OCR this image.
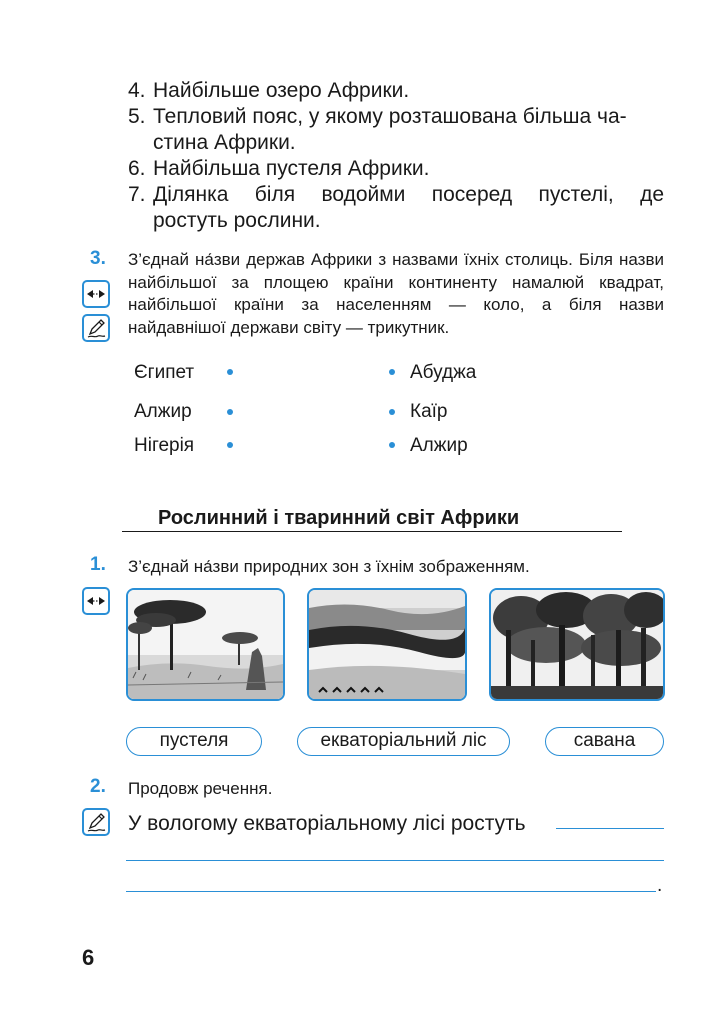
4. Найбільше озеро Африки.
5. Тепловий пояс, у якому розташована більша ча-
стина Африки.
6. Найбільша пустеля Африки.
7. Ділянка біля водойми посеред пустелі, де
ростуть рослини.
3. З’єднай на́зви держав Африки з назвами їхніх столиць. Біля назви найбільшої за площею країни континенту намалюй квадрат, найбільшої країни за населенням — коло, а біля назви найдавнішої держави світу — трикутник.
Єгипет
Алжир
Нігерія
Абуджа
Каїр
Алжир
Рослинний і тваринний світ Африки
1. З’єднай на́зви природних зон з їхнім зображенням.
пустеля	екваторіальний ліс	савана
2. Продовж речення.
У вологому екваторіальному лісі ростуть
.
6
